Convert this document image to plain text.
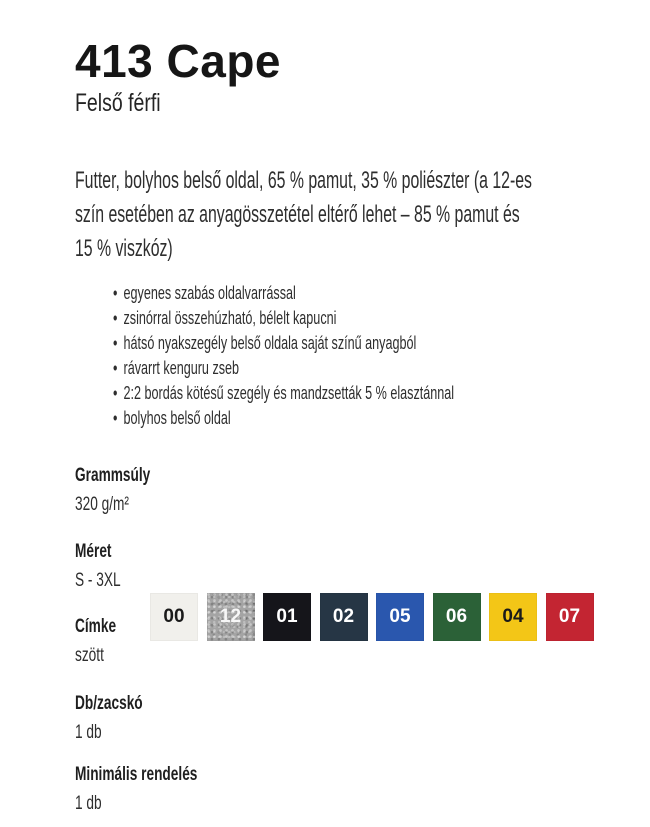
413 Cape
Felső férfi
Futter, bolyhos belső oldal, 65 % pamut, 35 % poliészter (a 12-es
szín esetében az anyagösszetétel eltérő lehet – 85 % pamut és
15 % viszkóz)
• egyenes szabás oldalvarrással
• zsinórral összehúzható, bélelt kapucni
• hátsó nyakszegély belső oldala saját színű anyagból
• rávarrt kenguru zseb
• 2:2 bordás kötésű szegély és mandzsetták 5 % elasztánnal
• bolyhos belső oldal
Grammsúly
320 g/m²
Méret
S - 3XL
Címke
szött
Db/zacskó
1 db
Minimális rendelés
1 db
00	12	01	02	05	06	04	07
